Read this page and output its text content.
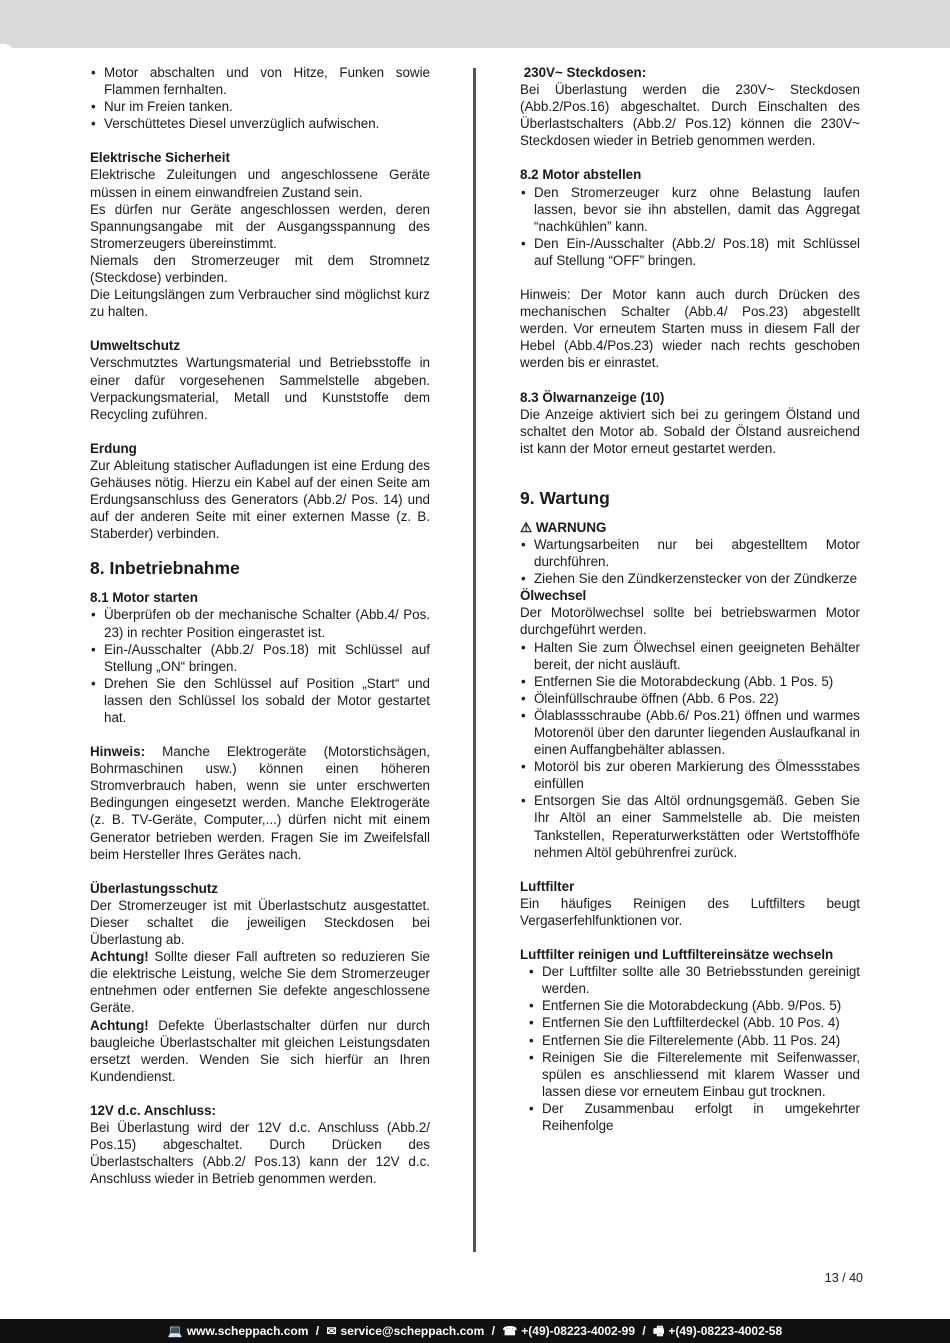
• Motor abschalten und von Hitze, Funken sowie Flammen fernhalten.
• Nur im Freien tanken.
• Verschüttetes Diesel unverzüglich aufwischen.

Elektrische Sicherheit

Elektrische Zuleitungen und angeschlossene Geräte müssen in einem einwandfreien Zustand sein.

Es dürfen nur Geräte angeschlossen werden, deren Spannungsangabe mit der Ausgangsspannung des Stromerzeugers übereinstimmt.

Niemals den Stromerzeuger mit dem Stromnetz (Steckdose) verbinden.

Die Leitungslängen zum Verbraucher sind möglichst kurz zu halten.

Umweltschutz

Verschmutztes Wartungsmaterial und Betriebsstoffe in einer dafür vorgesehenen Sammelstelle abgeben. Verpackungsmaterial, Metall und Kunststoffe dem Recycling zuführen.

Erdung

Zur Ableitung statischer Aufladungen ist eine Erdung des Gehäuses nötig. Hierzu ein Kabel auf der einen Seite am Erdungsanschluss des Generators (Abb.2/ Pos. 14) und auf der anderen Seite mit einer externen Masse (z. B. Staberder) verbinden.

8. Inbetriebnahme

8.1 Motor starten

• Überprüfen ob der mechanische Schalter (Abb.4/ Pos. 23) in rechter Position eingerastet ist.
• Ein-/Ausschalter (Abb.2/ Pos.18) mit Schlüssel auf Stellung „ON“ bringen.
• Drehen Sie den Schlüssel auf Position „Start“ und lassen den Schlüssel los sobald der Motor gestartet hat.

Hinweis: Manche Elektrogeräte (Motorstichsägen, Bohrmaschinen usw.) können einen höheren Stromverbrauch haben, wenn sie unter erschwerten Bedingungen eingesetzt werden. Manche Elektrogeräte (z. B. TV-Geräte, Computer,...) dürfen nicht mit einem Generator betrieben werden. Fragen Sie im Zweifelsfall beim Hersteller Ihres Gerätes nach.

Überlastungsschutz

Der Stromerzeuger ist mit Überlastschutz ausgestattet. Dieser schaltet die jeweiligen Steckdosen bei Überlastung ab.

Achtung! Sollte dieser Fall auftreten so reduzieren Sie die elektrische Leistung, welche Sie dem Stromerzeuger entnehmen oder entfernen Sie defekte angeschlossene Geräte.

Achtung! Defekte Überlastschalter dürfen nur durch baugleiche Überlastschalter mit gleichen Leistungsdaten ersetzt werden. Wenden Sie sich hierfür an Ihren Kundendienst.

12V d.c. Anschluss:

Bei Überlastung wird der 12V d.c. Anschluss (Abb.2/ Pos.15) abgeschaltet. Durch Drücken des Überlastschalters (Abb.2/ Pos.13) kann der 12V d.c. Anschluss wieder in Betrieb genommen werden.

230V~ Steckdosen:

Bei Überlastung werden die 230V~ Steckdosen (Abb.2/Pos.16) abgeschaltet. Durch Einschalten des Überlastschalters (Abb.2/ Pos.12) können die 230V~ Steckdosen wieder in Betrieb genommen werden.

8.2 Motor abstellen

• Den Stromerzeuger kurz ohne Belastung laufen lassen, bevor sie ihn abstellen, damit das Aggregat “nachkühlen” kann.
• Den Ein-/Ausschalter (Abb.2/ Pos.18) mit Schlüssel auf Stellung “OFF” bringen.

Hinweis: Der Motor kann auch durch Drücken des mechanischen Schalter (Abb.4/ Pos.23) abgestellt werden. Vor erneutem Starten muss in diesem Fall der Hebel (Abb.4/Pos.23) wieder nach rechts geschoben werden bis er einrastet.

8.3 Ölwarnanzeige (10)

Die Anzeige aktiviert sich bei zu geringem Ölstand und schaltet den Motor ab. Sobald der Ölstand ausreichend ist kann der Motor erneut gestartet werden.

9. Wartung

⚠ WARNUNG

• Wartungsarbeiten nur bei abgestelltem Motor durchführen.
• Ziehen Sie den Zündkerzenstecker von der Zündkerze

Ölwechsel

Der Motorölwechsel sollte bei betriebswarmen Motor durchgeführt werden.

• Halten Sie zum Ölwechsel einen geeigneten Behälter bereit, der nicht ausläuft.
• Entfernen Sie die Motorabdeckung (Abb. 1 Pos. 5)
• Öleinfüllschraube öffnen (Abb. 6 Pos. 22)
• Ölablassschraube (Abb.6/ Pos.21) öffnen und warmes Motorenöl über den darunter liegenden Auslaufkanal in einen Auffangbehälter ablassen.
• Motoröl bis zur oberen Markierung des Ölmessstabes einfüllen
• Entsorgen Sie das Altöl ordnungsgemäß. Geben Sie Ihr Altöl an einer Sammelstelle ab. Die meisten Tankstellen, Reperaturwerkstätten oder Wertstoffhöfe nehmen Altöl gebührenfrei zurück.

Luftfilter

Ein häufiges Reinigen des Luftfilters beugt Vergaserfehlfunktionen vor.

Luftfilter reinigen und Luftfiltereinsätze wechseln

• Der Luftfilter sollte alle 30 Betriebsstunden gereinigt werden.
• Entfernen Sie die Motorabdeckung (Abb. 9/Pos. 5)
• Entfernen Sie den Luftfilterdeckel (Abb. 10 Pos. 4)
• Entfernen Sie die Filterelemente (Abb. 11 Pos. 24)
• Reinigen Sie die Filterelemente mit Seifenwasser, spülen es anschliessend mit klarem Wasser und lassen diese vor erneutem Einbau gut trocknen.
• Der Zusammenbau erfolgt in umgekehrter Reihenfolge
13 / 40
💻 www.scheppach.com / ✉ service@scheppach.com / ☎ +(49)-08223-4002-99 / 🖷 +(49)-08223-4002-58
